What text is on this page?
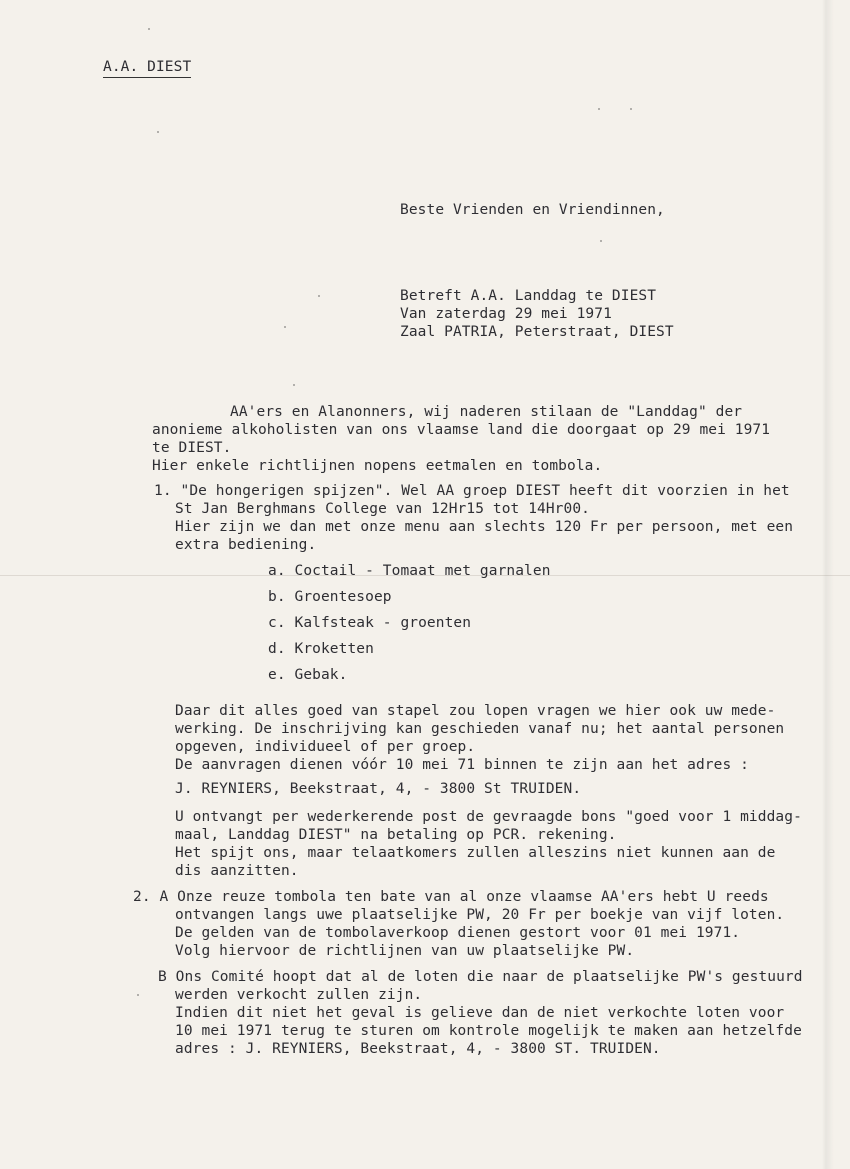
A.A. DIEST

Beste Vrienden en Vriendinnen,

Betreft A.A. Landdag te DIEST

Van zaterdag 29 mei 1971

Zaal PATRIA, Peterstraat, DIEST

AA'ers en Alanonners, wij naderen stilaan de "Landdag" der

anonieme alkoholisten van ons vlaamse land die doorgaat op 29 mei 1971

te DIEST.

Hier enkele richtlijnen nopens eetmalen en tombola.

1. "De hongerigen spijzen". Wel AA groep DIEST heeft dit voorzien in het

St Jan Berghmans College van 12Hr15 tot 14Hr00.

Hier zijn we dan met onze menu aan slechts 120 Fr per persoon, met een

extra bediening.

a. Coctail - Tomaat met garnalen

b. Groentesoep

c. Kalfsteak - groenten

d. Kroketten

e. Gebak.

Daar dit alles goed van stapel zou lopen vragen we hier ook uw mede-

werking. De inschrijving kan geschieden vanaf nu; het aantal personen

opgeven, individueel of per groep.

De aanvragen dienen vóór 10 mei 71 binnen te zijn aan het adres :

J. REYNIERS, Beekstraat, 4, - 3800 St TRUIDEN.

U ontvangt per wederkerende post de gevraagde bons "goed voor 1 middag-

maal, Landdag DIEST" na betaling op PCR. rekening.

Het spijt ons, maar telaatkomers zullen alleszins niet kunnen aan de

dis aanzitten.

2. A Onze reuze tombola ten bate van al onze vlaamse AA'ers hebt U reeds

ontvangen langs uwe plaatselijke PW, 20 Fr per boekje van vijf loten.

De gelden van de tombolaverkoop dienen gestort voor 01 mei 1971.

Volg hiervoor de richtlijnen van uw plaatselijke PW.

B Ons Comité hoopt dat al de loten die naar de plaatselijke PW's gestuurd

werden verkocht zullen zijn.

Indien dit niet het geval is gelieve dan de niet verkochte loten voor

10 mei 1971 terug te sturen om kontrole mogelijk te maken aan hetzelfde

adres : J. REYNIERS, Beekstraat, 4, - 3800 ST. TRUIDEN.
